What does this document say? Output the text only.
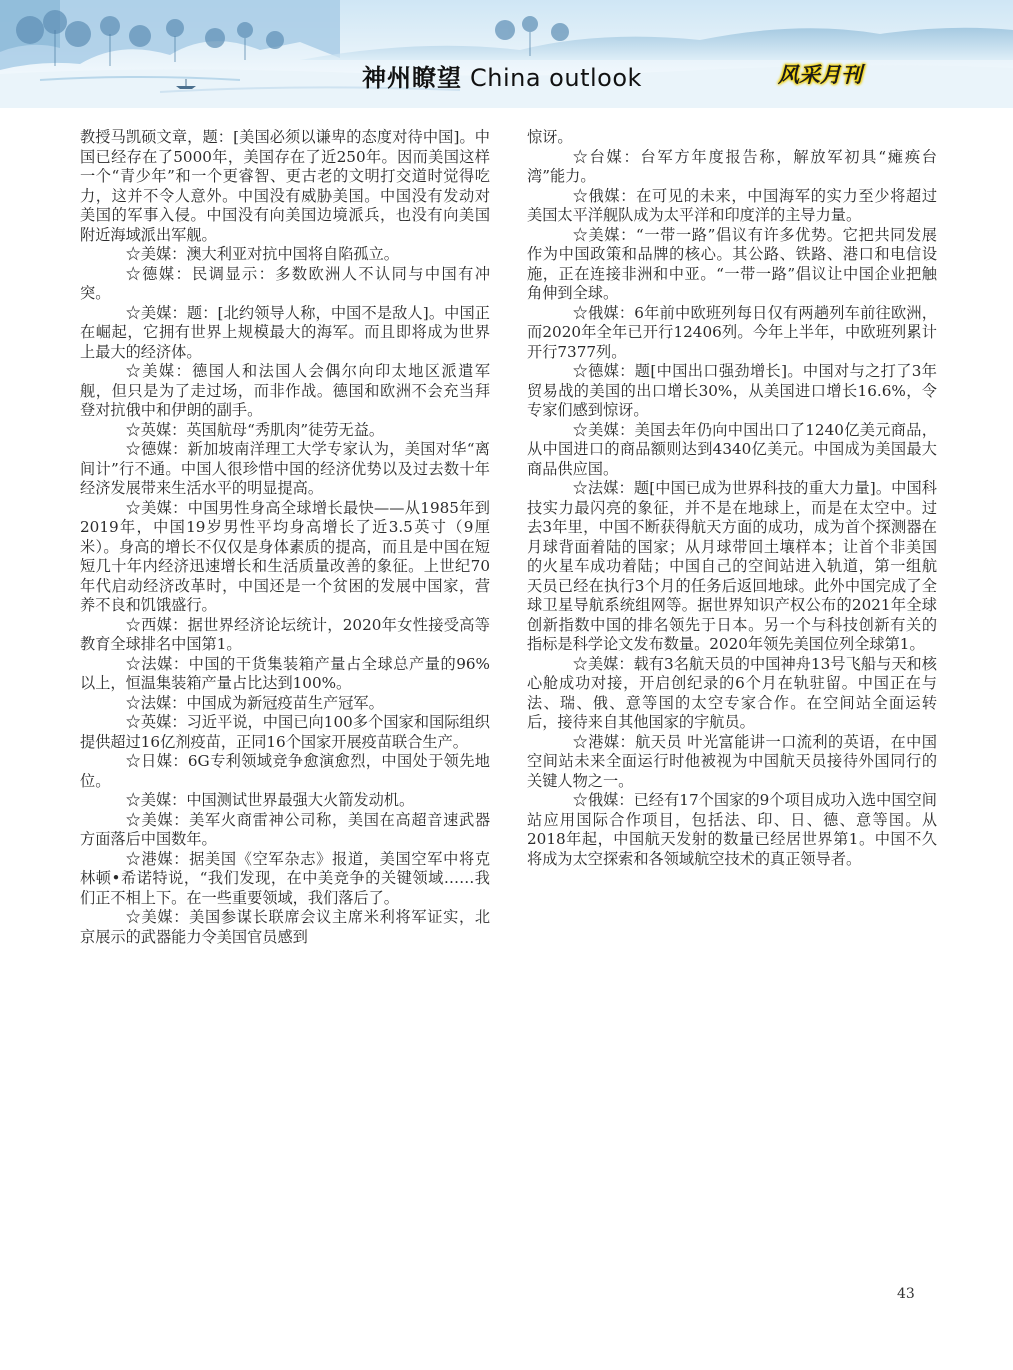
神州瞭望 China outlook	风采月刊

教授马凯硕文章，题：[美国必须以谦卑的态度对待中国]。中国已经存在了5000年，美国存在了近250年。因而美国这样一个“青少年”和一个更睿智、更古老的文明打交道时觉得吃力，这并不令人意外。中国没有威胁美国。中国没有发动对美国的军事入侵。中国没有向美国边境派兵，也没有向美国附近海域派出军舰。

☆美媒：澳大利亚对抗中国将自陷孤立。

☆德媒：民调显示：多数欧洲人不认同与中国有冲突。

☆美媒：题：[北约领导人称，中国不是敌人]。中国正在崛起，它拥有世界上规模最大的海军。而且即将成为世界上最大的经济体。

☆美媒：德国人和法国人会偶尔向印太地区派遣军舰，但只是为了走过场，而非作战。德国和欧洲不会充当拜登对抗俄中和伊朗的副手。

☆英媒：英国航母“秀肌肉”徒劳无益。

☆德媒：新加坡南洋理工大学专家认为，美国对华“离间计”行不通。中国人很珍惜中国的经济优势以及过去数十年经济发展带来生活水平的明显提高。

☆美媒：中国男性身高全球增长最快——从1985年到2019年，中国19岁男性平均身高增长了近3.5英寸（9厘米）。身高的增长不仅仅是身体素质的提高，而且是中国在短短几十年内经济迅速增长和生活质量改善的象征。上世纪70年代启动经济改革时，中国还是一个贫困的发展中国家，营养不良和饥饿盛行。

☆西媒：据世界经济论坛统计，2020年女性接受高等教育全球排名中国第1。

☆法媒：中国的干货集装箱产量占全球总产量的96%以上，恒温集装箱产量占比达到100%。

☆法媒：中国成为新冠疫苗生产冠军。

☆英媒：习近平说，中国已向100多个国家和国际组织提供超过16亿剂疫苗，正同16个国家开展疫苗联合生产。

☆日媒：6G专利领域竞争愈演愈烈，中国处于领先地位。

☆美媒：中国测试世界最强大火箭发动机。

☆美媒：美军火商雷神公司称，美国在高超音速武器方面落后中国数年。

☆港媒：据美国《空军杂志》报道，美国空军中将克林顿•希诺特说，“我们发现，在中美竞争的关键领域……我们正不相上下。在一些重要领域，我们落后了。

☆美媒：美国参谋长联席会议主席米利将军证实，北京展示的武器能力令美国官员感到

惊讶。

☆台媒：台军方年度报告称，解放军初具“瘫痪台湾”能力。

☆俄媒：在可见的未来，中国海军的实力至少将超过美国太平洋舰队成为太平洋和印度洋的主导力量。

☆美媒：“一带一路”倡议有许多优势。它把共同发展作为中国政策和品牌的核心。其公路、铁路、港口和电信设施，正在连接非洲和中亚。“一带一路”倡议让中国企业把触角伸到全球。

☆俄媒：6年前中欧班列每日仅有两趟列车前往欧洲，而2020年全年已开行12406列。今年上半年，中欧班列累计开行7377列。

☆德媒：题[中国出口强劲增长]。中国对与之打了3年贸易战的美国的出口增长30%，从美国进口增长16.6%，令专家们感到惊讶。

☆美媒：美国去年仍向中国出口了1240亿美元商品，从中国进口的商品额则达到4340亿美元。中国成为美国最大商品供应国。

☆法媒：题[中国已成为世界科技的重大力量]。中国科技实力最闪亮的象征，并不是在地球上，而是在太空中。过去3年里，中国不断获得航天方面的成功，成为首个探测器在月球背面着陆的国家；从月球带回土壤样本；让首个非美国的火星车成功着陆；中国自己的空间站进入轨道，第一组航天员已经在执行3个月的任务后返回地球。此外中国完成了全球卫星导航系统组网等。据世界知识产权公布的2021年全球创新指数中国的排名领先于日本。另一个与科技创新有关的指标是科学论文发布数量。2020年领先美国位列全球第1。

☆美媒：载有3名航天员的中国神舟13号飞船与天和核心舱成功对接，开启创纪录的6个月在轨驻留。中国正在与法、瑞、俄、意等国的太空专家合作。在空间站全面运转后，接待来自其他国家的宇航员。

☆港媒：航天员 叶光富能讲一口流利的英语，在中国空间站未来全面运行时他被视为中国航天员接待外国同行的关键人物之一。

☆俄媒：已经有17个国家的9个项目成功入选中国空间站应用国际合作项目，包括法、印、日、德、意等国。从2018年起，中国航天发射的数量已经居世界第1。中国不久将成为太空探索和各领域航空技术的真正领导者。

43
